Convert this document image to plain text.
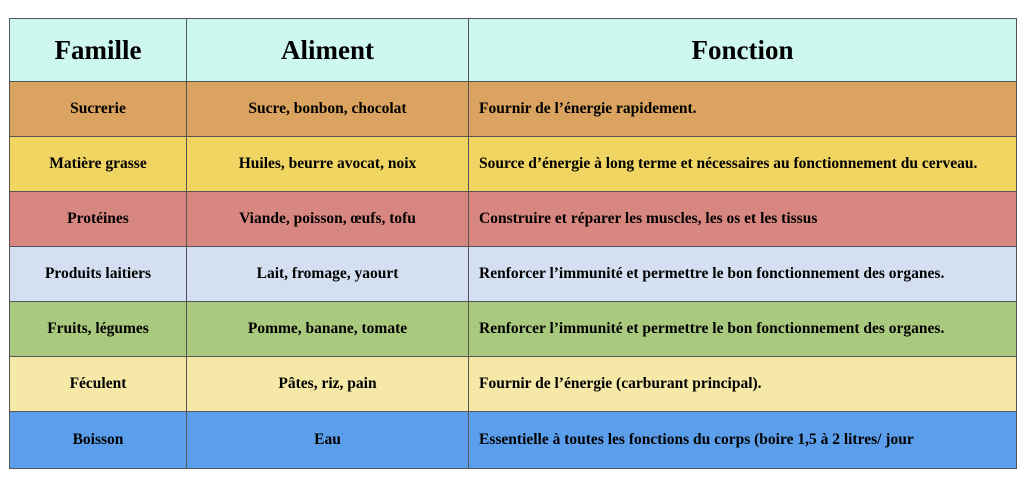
Famille	Aliment	Fonction
Sucrerie	Sucre, bonbon, chocolat	Fournir de l’énergie rapidement.
Matière grasse	Huiles, beurre avocat, noix	Source d’énergie à long terme et nécessaires au fonctionnement du cerveau.
Protéines	Viande, poisson, œufs, tofu	Construire et réparer les muscles, les os et les tissus
Produits laitiers	Lait, fromage, yaourt	Renforcer l’immunité et permettre le bon fonctionnement des organes.
Fruits, légumes	Pomme, banane, tomate	Renforcer l’immunité et permettre le bon fonctionnement des organes.
Féculent	Pâtes, riz, pain	Fournir de l’énergie (carburant principal).
Boisson	Eau	Essentielle à toutes les fonctions du corps (boire 1,5 à 2 litres/ jour
